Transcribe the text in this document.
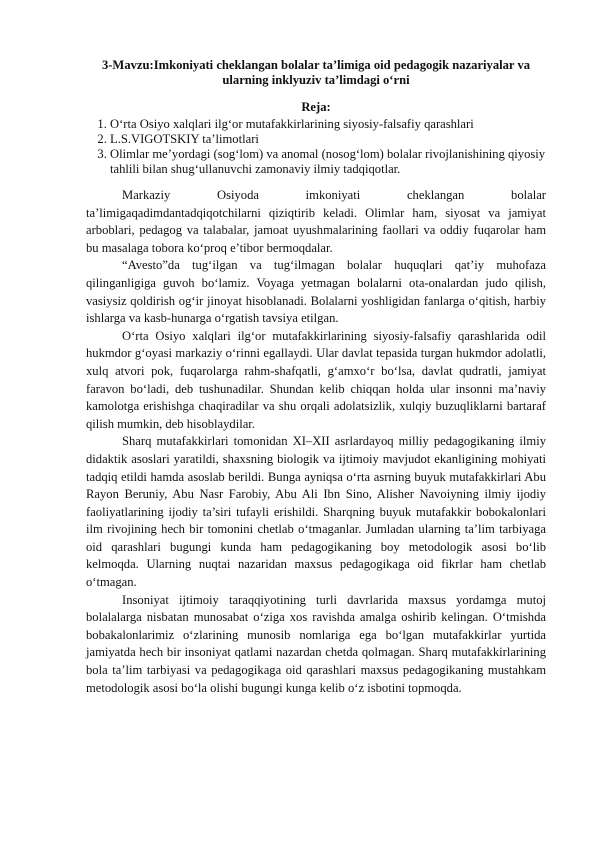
3-Mavzu:Imkoniyati cheklangan bolalar ta’limiga oid pedagogik nazariyalar va ularning inklyuziv ta’limdagi o‘rni
Reja:
1. O‘rta Osiyo xalqlari ilg‘or mutafakkirlarining siyosiy-falsafiy qarashlari
2. L.S.VIGOTSKIY ta’limotlari
3. Olimlar me’yordagi (sog‘lom) va anomal (nosog‘lom) bolalar rivojlanishining qiyosiy tahlili bilan shug‘ullanuvchi zamonaviy ilmiy tadqiqotlar.

Markaziy Osiyoda imkoniyati cheklangan bolalar ta’limigaqadimdantadqiqotchilarni qiziqtirib keladi. Olimlar ham, siyosat va jamiyat arboblari, pedagog va talabalar, jamoat uyushmalarining faollari va oddiy fuqarolar ham bu masalaga tobora ko‘proq e’tibor bermoqdalar.

“Avesto”da tug‘ilgan va tug‘ilmagan bolalar huquqlari qat’iy muhofaza qilinganligiga guvoh bo‘lamiz. Voyaga yetmagan bolalarni ota-onalardan judo qilish, vasiysiz qoldirish og‘ir jinoyat hisoblanadi. Bolalarni yoshligidan fanlarga o‘qitish, harbiy ishlarga va kasb-hunarga o‘rgatish tavsiya etilgan.

O‘rta Osiyo xalqlari ilg‘or mutafakkirlarining siyosiy-falsafiy qarashlarida odil hukmdor g‘oyasi markaziy o‘rinni egallaydi. Ular davlat tepasida turgan hukmdor adolatli, xulq atvori pok, fuqarolarga rahm-shafqatli, g‘amxo‘r bo‘lsa, davlat qudratli, jamiyat faravon bo‘ladi, deb tushunadilar. Shundan kelib chiqqan holda ular insonni ma’naviy kamolotga erishishga chaqiradilar va shu orqali adolatsizlik, xulqiy buzuqliklarni bartaraf qilish mumkin, deb hisoblaydilar.

Sharq mutafakkirlari tomonidan XI–XII asrlardayoq milliy pedagogikaning ilmiy didaktik asoslari yaratildi, shaxsning biologik va ijtimoiy mavjudot ekanligining mohiyati tadqiq etildi hamda asoslab berildi. Bunga ayniqsa o‘rta asrning buyuk mutafakkirlari Abu Rayon Beruniy, Abu Nasr Farobiy, Abu Ali Ibn Sino, Alisher Navoiyning ilmiy ijodiy faoliyatlarining ijodiy ta’siri tufayli erishildi. Sharqning buyuk mutafakkir bobokalonlari ilm rivojining hech bir tomonini chetlab o‘tmaganlar. Jumladan ularning ta’lim tarbiyaga oid qarashlari bugungi kunda ham pedagogikaning boy metodologik asosi bo‘lib kelmoqda. Ularning nuqtai nazaridan maxsus pedagogikaga oid fikrlar ham chetlab o‘tmagan.

Insoniyat ijtimoiy taraqqiyotining turli davrlarida maxsus yordamga mutoj bolalalarga nisbatan munosabat o‘ziga xos ravishda amalga oshirib kelingan. O‘tmishda bobakalonlarimiz o‘zlarining munosib nomlariga ega bo‘lgan mutafakkirlar yurtida jamiyatda hech bir insoniyat qatlami nazardan chetda qolmagan. Sharq mutafakkirlarining bola ta’lim tarbiyasi va pedagogikaga oid qarashlari maxsus pedagogikaning mustahkam metodologik asosi bo‘la olishi bugungi kunga kelib o‘z isbotini topmoqda.
